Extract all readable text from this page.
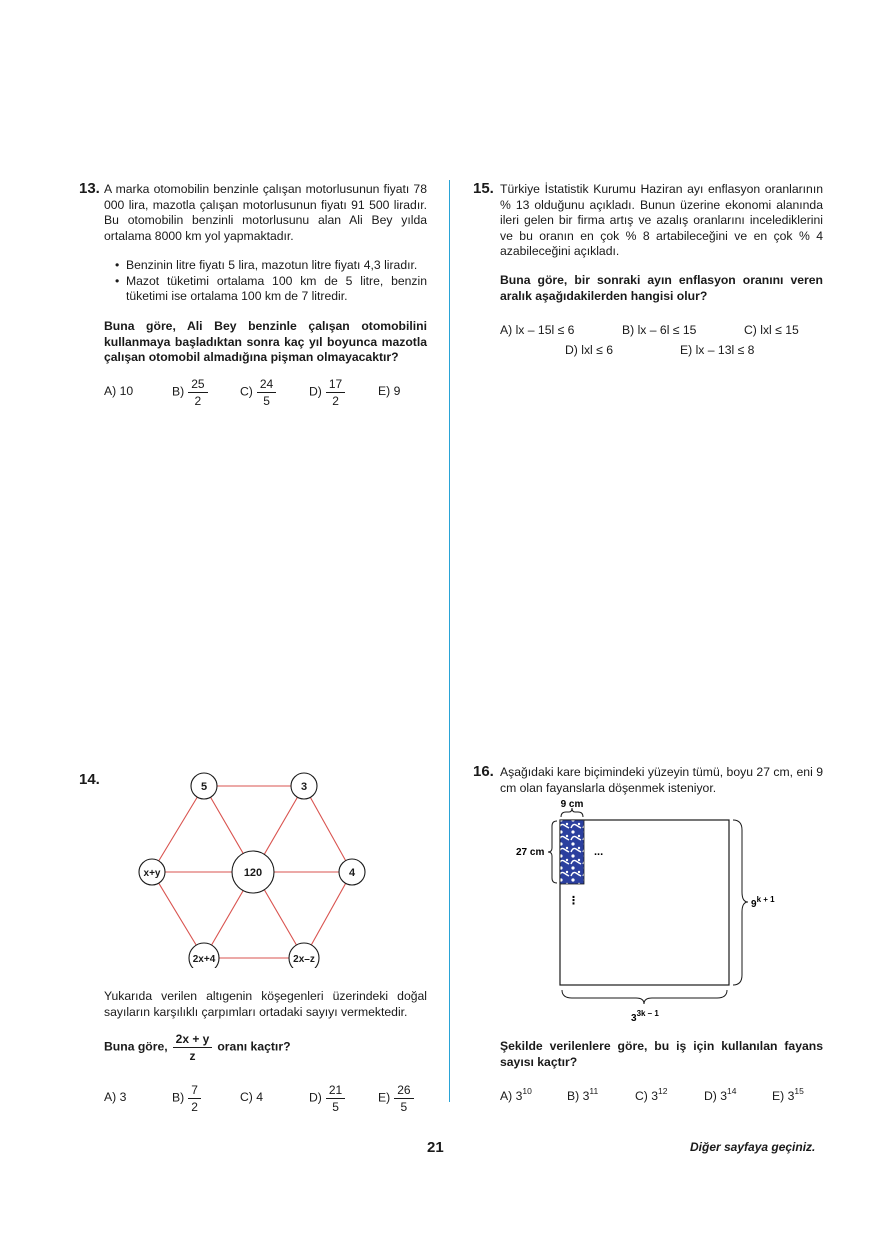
13. A marka otomobilin benzinle çalışan motorlusunun fiyatı 78 000 lira, mazotla çalışan motorlusunun fiyatı 91 500 liradır. Bu otomobilin benzinli motorlusunu alan Ali Bey yılda ortalama 8000 km yol yapmaktadır.
• Benzinin litre fiyatı 5 lira, mazotun litre fiyatı 4,3 liradır.
• Mazot tüketimi ortalama 100 km de 5 litre, benzin tüketimi ise ortalama 100 km de 7 litredir.
Buna göre, Ali Bey benzinle çalışan otomobilini kullanmaya başladıktan sonra kaç yıl boyunca mazotla çalışan otomobil almadığına pişman olmayacaktır?
A) 10	$B) \frac{25}{2}$	$C) \frac{24}{5}$	$D) \frac{17}{2}$	E) 9
14.	5	3
x+y	4
2x+4	2x–z
120
Yukarıda verilen altıgenin köşegenleri üzerindeki doğal sayıların karşılıklı çarpımları ortadaki sayıyı vermektedir.
Buna göre, $\frac{2x + y}{z}$ oranı kaçtır?
A) 3	$B) \frac{7}{2}$	C) 4	$D) \frac{21}{5}$	$E) \frac{26}{5}$
15. Türkiye İstatistik Kurumu Haziran ayı enflasyon oranlarının % 13 olduğunu açıkladı. Bunun üzerine ekonomi alanında ileri gelen bir firma artış ve azalış oranlarını incelediklerini ve bu oranın en çok % 8 artabileceğini ve en çok % 4 azabileceğini açıkladı.
Buna göre, bir sonraki ayın enflasyon oranını veren aralık aşağıdakilerden hangisi olur?
A) lx – 15l ≤ 6	B) lx – 6l ≤ 15	C) lxl ≤ 15
D) lxl ≤ 6	E) lx – 13l ≤ 8
16. Aşağıdaki kare biçimindeki yüzeyin tümü, boyu 27 cm, eni 9 cm olan fayanslarla döşenmek isteniyor.
9 cm
27 cm	...
⋮	$9^{k + 1}$
$3^{3k - 1}$
Şekilde verilenlere göre, bu iş için kullanılan fayans sayısı kaçtır?
A) $3^{10}$	B) $3^{11}$	C) $3^{12}$	D) $3^{14}$	E) $3^{15}$
21	Diğer sayfaya geçiniz.
